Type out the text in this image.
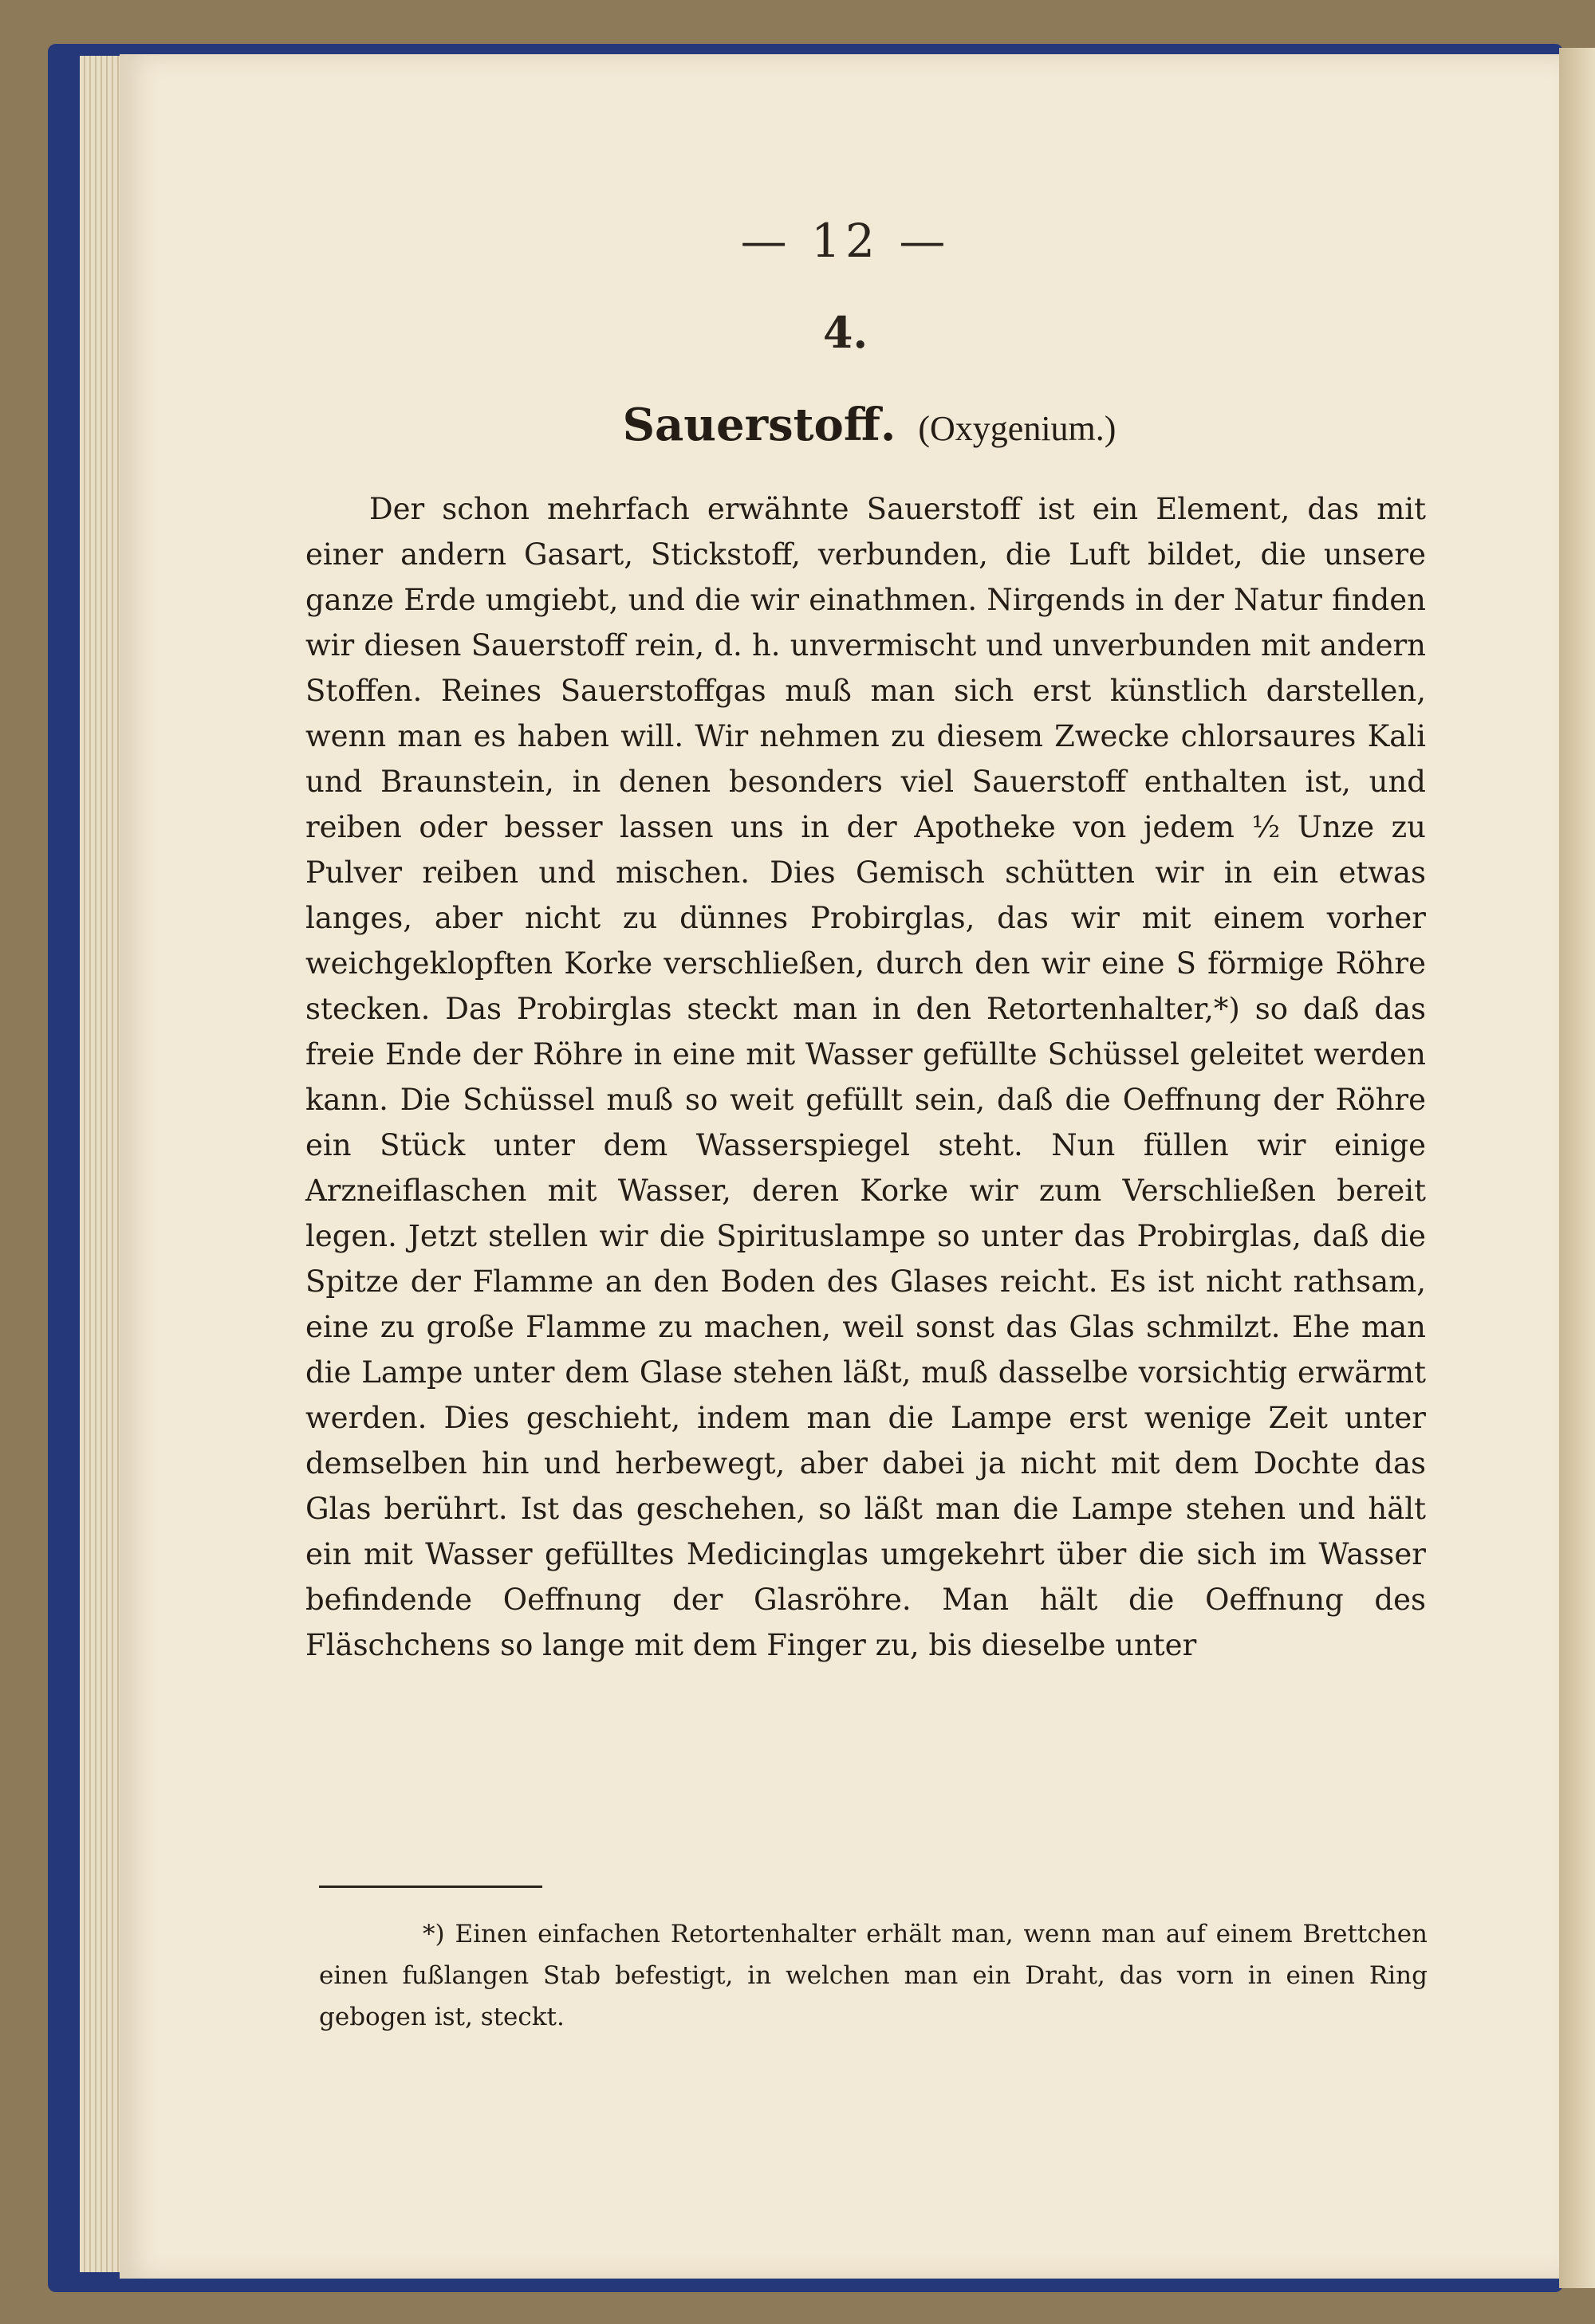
— 12 —
4.
Sauerstoff. (Oxygenium.)

Der schon mehrfach erwähnte Sauerstoff ist ein Element, das mit einer andern Gasart, Stickstoff, verbunden, die Luft bildet, die unsere ganze Erde umgiebt, und die wir einathmen. Nirgends in der Natur finden wir diesen Sauerstoff rein, d. h. unvermischt und unverbunden mit andern Stoffen. Reines Sauerstoffgas muß man sich erst künstlich darstellen, wenn man es haben will. Wir nehmen zu diesem Zwecke chlorsaures Kali und Braunstein, in denen besonders viel Sauerstoff enthalten ist, und reiben oder besser lassen uns in der Apotheke von jedem ½ Unze zu Pulver reiben und mischen. Dies Gemisch schütten wir in ein etwas langes, aber nicht zu dünnes Probirglas, das wir mit einem vorher weichgeklopften Korke verschließen, durch den wir eine S förmige Röhre stecken. Das Probirglas steckt man in den Retortenhalter,*) so daß das freie Ende der Röhre in eine mit Wasser gefüllte Schüssel geleitet werden kann. Die Schüssel muß so weit gefüllt sein, daß die Oeffnung der Röhre ein Stück unter dem Wasserspiegel steht. Nun füllen wir einige Arzneiflaschen mit Wasser, deren Korke wir zum Verschließen bereit legen. Jetzt stellen wir die Spirituslampe so unter das Probirglas, daß die Spitze der Flamme an den Boden des Glases reicht. Es ist nicht rathsam, eine zu große Flamme zu machen, weil sonst das Glas schmilzt. Ehe man die Lampe unter dem Glase stehen läßt, muß dasselbe vorsichtig erwärmt werden. Dies geschieht, indem man die Lampe erst wenige Zeit unter demselben hin und herbewegt, aber dabei ja nicht mit dem Dochte das Glas berührt. Ist das geschehen, so läßt man die Lampe stehen und hält ein mit Wasser gefülltes Medicinglas umgekehrt über die sich im Wasser befindende Oeffnung der Glasröhre. Man hält die Oeffnung des Fläschchens so lange mit dem Finger zu, bis dieselbe unter

*) Einen einfachen Retortenhalter erhält man, wenn man auf einem Brettchen einen fußlangen Stab befestigt, in welchen man ein Draht, das vorn in einen Ring gebogen ist, steckt.
